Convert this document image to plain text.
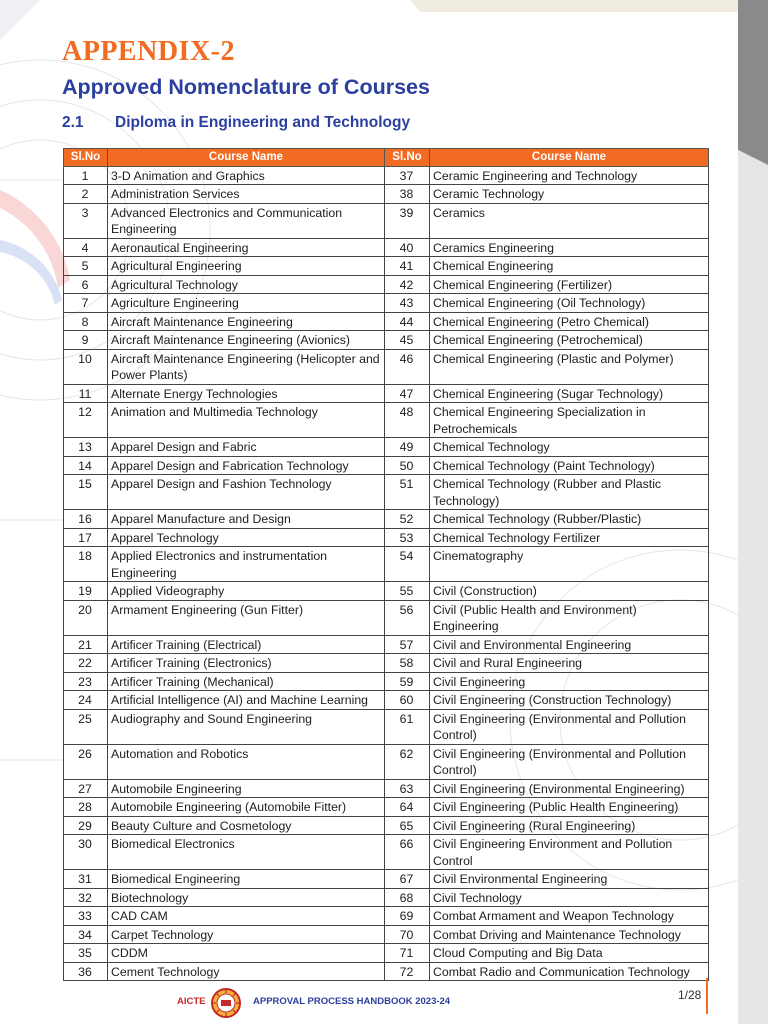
APPENDIX-2
Approved Nomenclature of Courses
2.1 Diploma in Engineering and Technology
Sl.No	Course Name	Sl.No	Course Name
1	3-D Animation and Graphics	37	Ceramic Engineering and Technology
2	Administration Services	38	Ceramic Technology
3	Advanced Electronics and Communication Engineering	39	Ceramics
4	Aeronautical Engineering	40	Ceramics Engineering
5	Agricultural Engineering	41	Chemical Engineering
6	Agricultural Technology	42	Chemical Engineering (Fertilizer)
7	Agriculture Engineering	43	Chemical Engineering (Oil Technology)
8	Aircraft Maintenance Engineering	44	Chemical Engineering (Petro Chemical)
9	Aircraft Maintenance Engineering (Avionics)	45	Chemical Engineering (Petrochemical)
10	Aircraft Maintenance Engineering (Helicopter and Power Plants)	46	Chemical Engineering (Plastic and Polymer)
11	Alternate Energy Technologies	47	Chemical Engineering (Sugar Technology)
12	Animation and Multimedia Technology	48	Chemical Engineering Specialization in Petrochemicals
13	Apparel Design and Fabric	49	Chemical Technology
14	Apparel Design and Fabrication Technology	50	Chemical Technology (Paint Technology)
15	Apparel Design and Fashion Technology	51	Chemical Technology (Rubber and Plastic Technology)
16	Apparel Manufacture and Design	52	Chemical Technology (Rubber/Plastic)
17	Apparel Technology	53	Chemical Technology Fertilizer
18	Applied Electronics and instrumentation Engineering	54	Cinematography
19	Applied Videography	55	Civil (Construction)
20	Armament Engineering (Gun Fitter)	56	Civil (Public Health and Environment) Engineering
21	Artificer Training (Electrical)	57	Civil and Environmental Engineering
22	Artificer Training (Electronics)	58	Civil and Rural Engineering
23	Artificer Training (Mechanical)	59	Civil Engineering
24	Artificial Intelligence (AI) and Machine Learning	60	Civil Engineering (Construction Technology)
25	Audiography and Sound Engineering	61	Civil Engineering (Environmental and Pollution Control)
26	Automation and Robotics	62	Civil Engineering (Environmental and Pollution Control)
27	Automobile Engineering	63	Civil Engineering (Environmental Engineering)
28	Automobile Engineering (Automobile Fitter)	64	Civil Engineering (Public Health Engineering)
29	Beauty Culture and Cosmetology	65	Civil Engineering (Rural Engineering)
30	Biomedical Electronics	66	Civil Engineering Environment and Pollution Control
31	Biomedical Engineering	67	Civil Environmental Engineering
32	Biotechnology	68	Civil Technology
33	CAD CAM	69	Combat Armament and Weapon Technology
34	Carpet Technology	70	Combat Driving and Maintenance Technology
35	CDDM	71	Cloud Computing and Big Data
36	Cement Technology	72	Combat Radio and Communication Technology
AICTE	APPROVAL PROCESS HANDBOOK 2023-24	1/28
